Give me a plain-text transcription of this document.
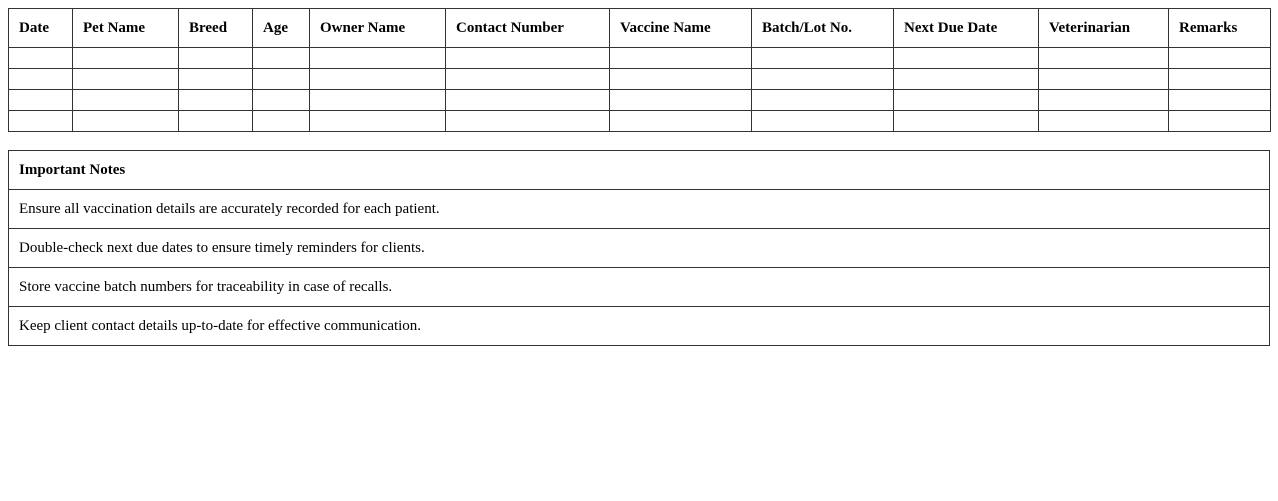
Date	Pet Name	Breed	Age	Owner Name	Contact Number	Vaccine Name	Batch/Lot No.	Next Due Date	Veterinarian	Remarks

Important Notes
Ensure all vaccination details are accurately recorded for each patient.
Double-check next due dates to ensure timely reminders for clients.
Store vaccine batch numbers for traceability in case of recalls.
Keep client contact details up-to-date for effective communication.
